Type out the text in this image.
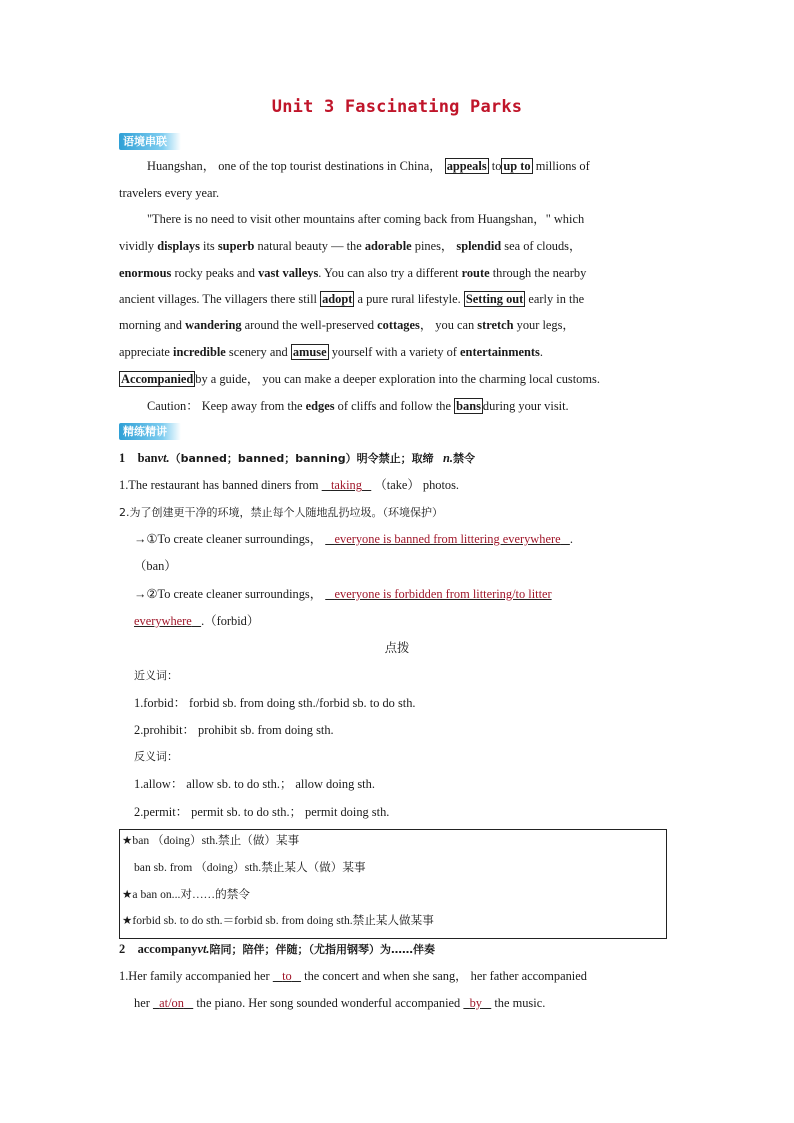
Unit 3 Fascinating Parks
语境串联
Huangshan， one of the top tourist destinations in China， appeals to up to millions of
travelers every year.
"There is no need to visit other mountains after coming back from Huangshan，" which
vividly displays its superb natural beauty — the adorable pines， splendid sea of clouds，
enormous rocky peaks and vast valleys. You can also try a different route through the nearby
ancient villages. The villagers there still adopt a pure rural lifestyle. Setting out early in the
morning and wandering around the well-preserved cottages， you can stretch your legs，
appreciate incredible scenery and amuse yourself with a variety of entertainments.
Accompanied by a guide， you can make a deeper exploration into the charming local customs.
Caution： Keep away from the edges of cliffs and follow the bans during your visit.
精练精讲
1 banvt.（banned；banned；banning）明令禁止；取缔 n.禁令
1.The restaurant has banned diners from taking （take） photos.
2.为了创建更干净的环境，禁止每个人随地乱扔垃圾。（环境保护）
→①To create cleaner surroundings， everyone is banned from littering everywhere .
（ban）
→②To create cleaner surroundings， everyone is forbidden from littering/to litter
everywhere .（forbid）
点拨
近义词：
1.forbid： forbid sb. from doing sth./forbid sb. to do sth.
2.prohibit： prohibit sb. from doing sth.
反义词：
1.allow： allow sb. to do sth.； allow doing sth.
2.permit： permit sb. to do sth.； permit doing sth.
★ban （doing）sth.禁止（做）某事
ban sb. from （doing）sth.禁止某人（做）某事
★a ban on...对……的禁令
★forbid sb. to do sth.＝forbid sb. from doing sth.禁止某人做某事
2 accompanyvt.陪同；陪伴；伴随；（尤指用钢琴）为……伴奏
1.Her family accompanied her to the concert and when she sang， her father accompanied
her at/on the piano. Her song sounded wonderful accompanied by the music.
